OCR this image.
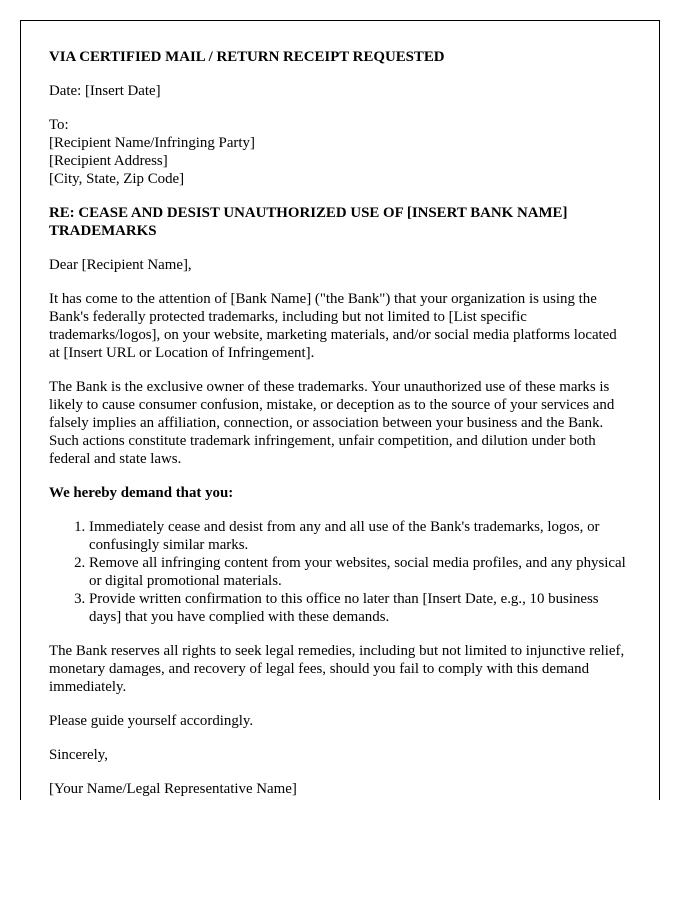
VIA CERTIFIED MAIL / RETURN RECEIPT REQUESTED

Date: [Insert Date]

To:
[Recipient Name/Infringing Party]
[Recipient Address]
[City, State, Zip Code]

RE: CEASE AND DESIST UNAUTHORIZED USE OF [INSERT BANK NAME] TRADEMARKS

Dear [Recipient Name],

It has come to the attention of [Bank Name] ("the Bank") that your organization is using the Bank's federally protected trademarks, including but not limited to [List specific trademarks/logos], on your website, marketing materials, and/or social media platforms located at [Insert URL or Location of Infringement].

The Bank is the exclusive owner of these trademarks. Your unauthorized use of these marks is likely to cause consumer confusion, mistake, or deception as to the source of your services and falsely implies an affiliation, connection, or association between your business and the Bank. Such actions constitute trademark infringement, unfair competition, and dilution under both federal and state laws.

We hereby demand that you:

1. Immediately cease and desist from any and all use of the Bank's trademarks, logos, or confusingly similar marks.
2. Remove all infringing content from your websites, social media profiles, and any physical or digital promotional materials.
3. Provide written confirmation to this office no later than [Insert Date, e.g., 10 business days] that you have complied with these demands.

The Bank reserves all rights to seek legal remedies, including but not limited to injunctive relief, monetary damages, and recovery of legal fees, should you fail to comply with this demand immediately.

Please guide yourself accordingly.

Sincerely,

[Your Name/Legal Representative Name]
